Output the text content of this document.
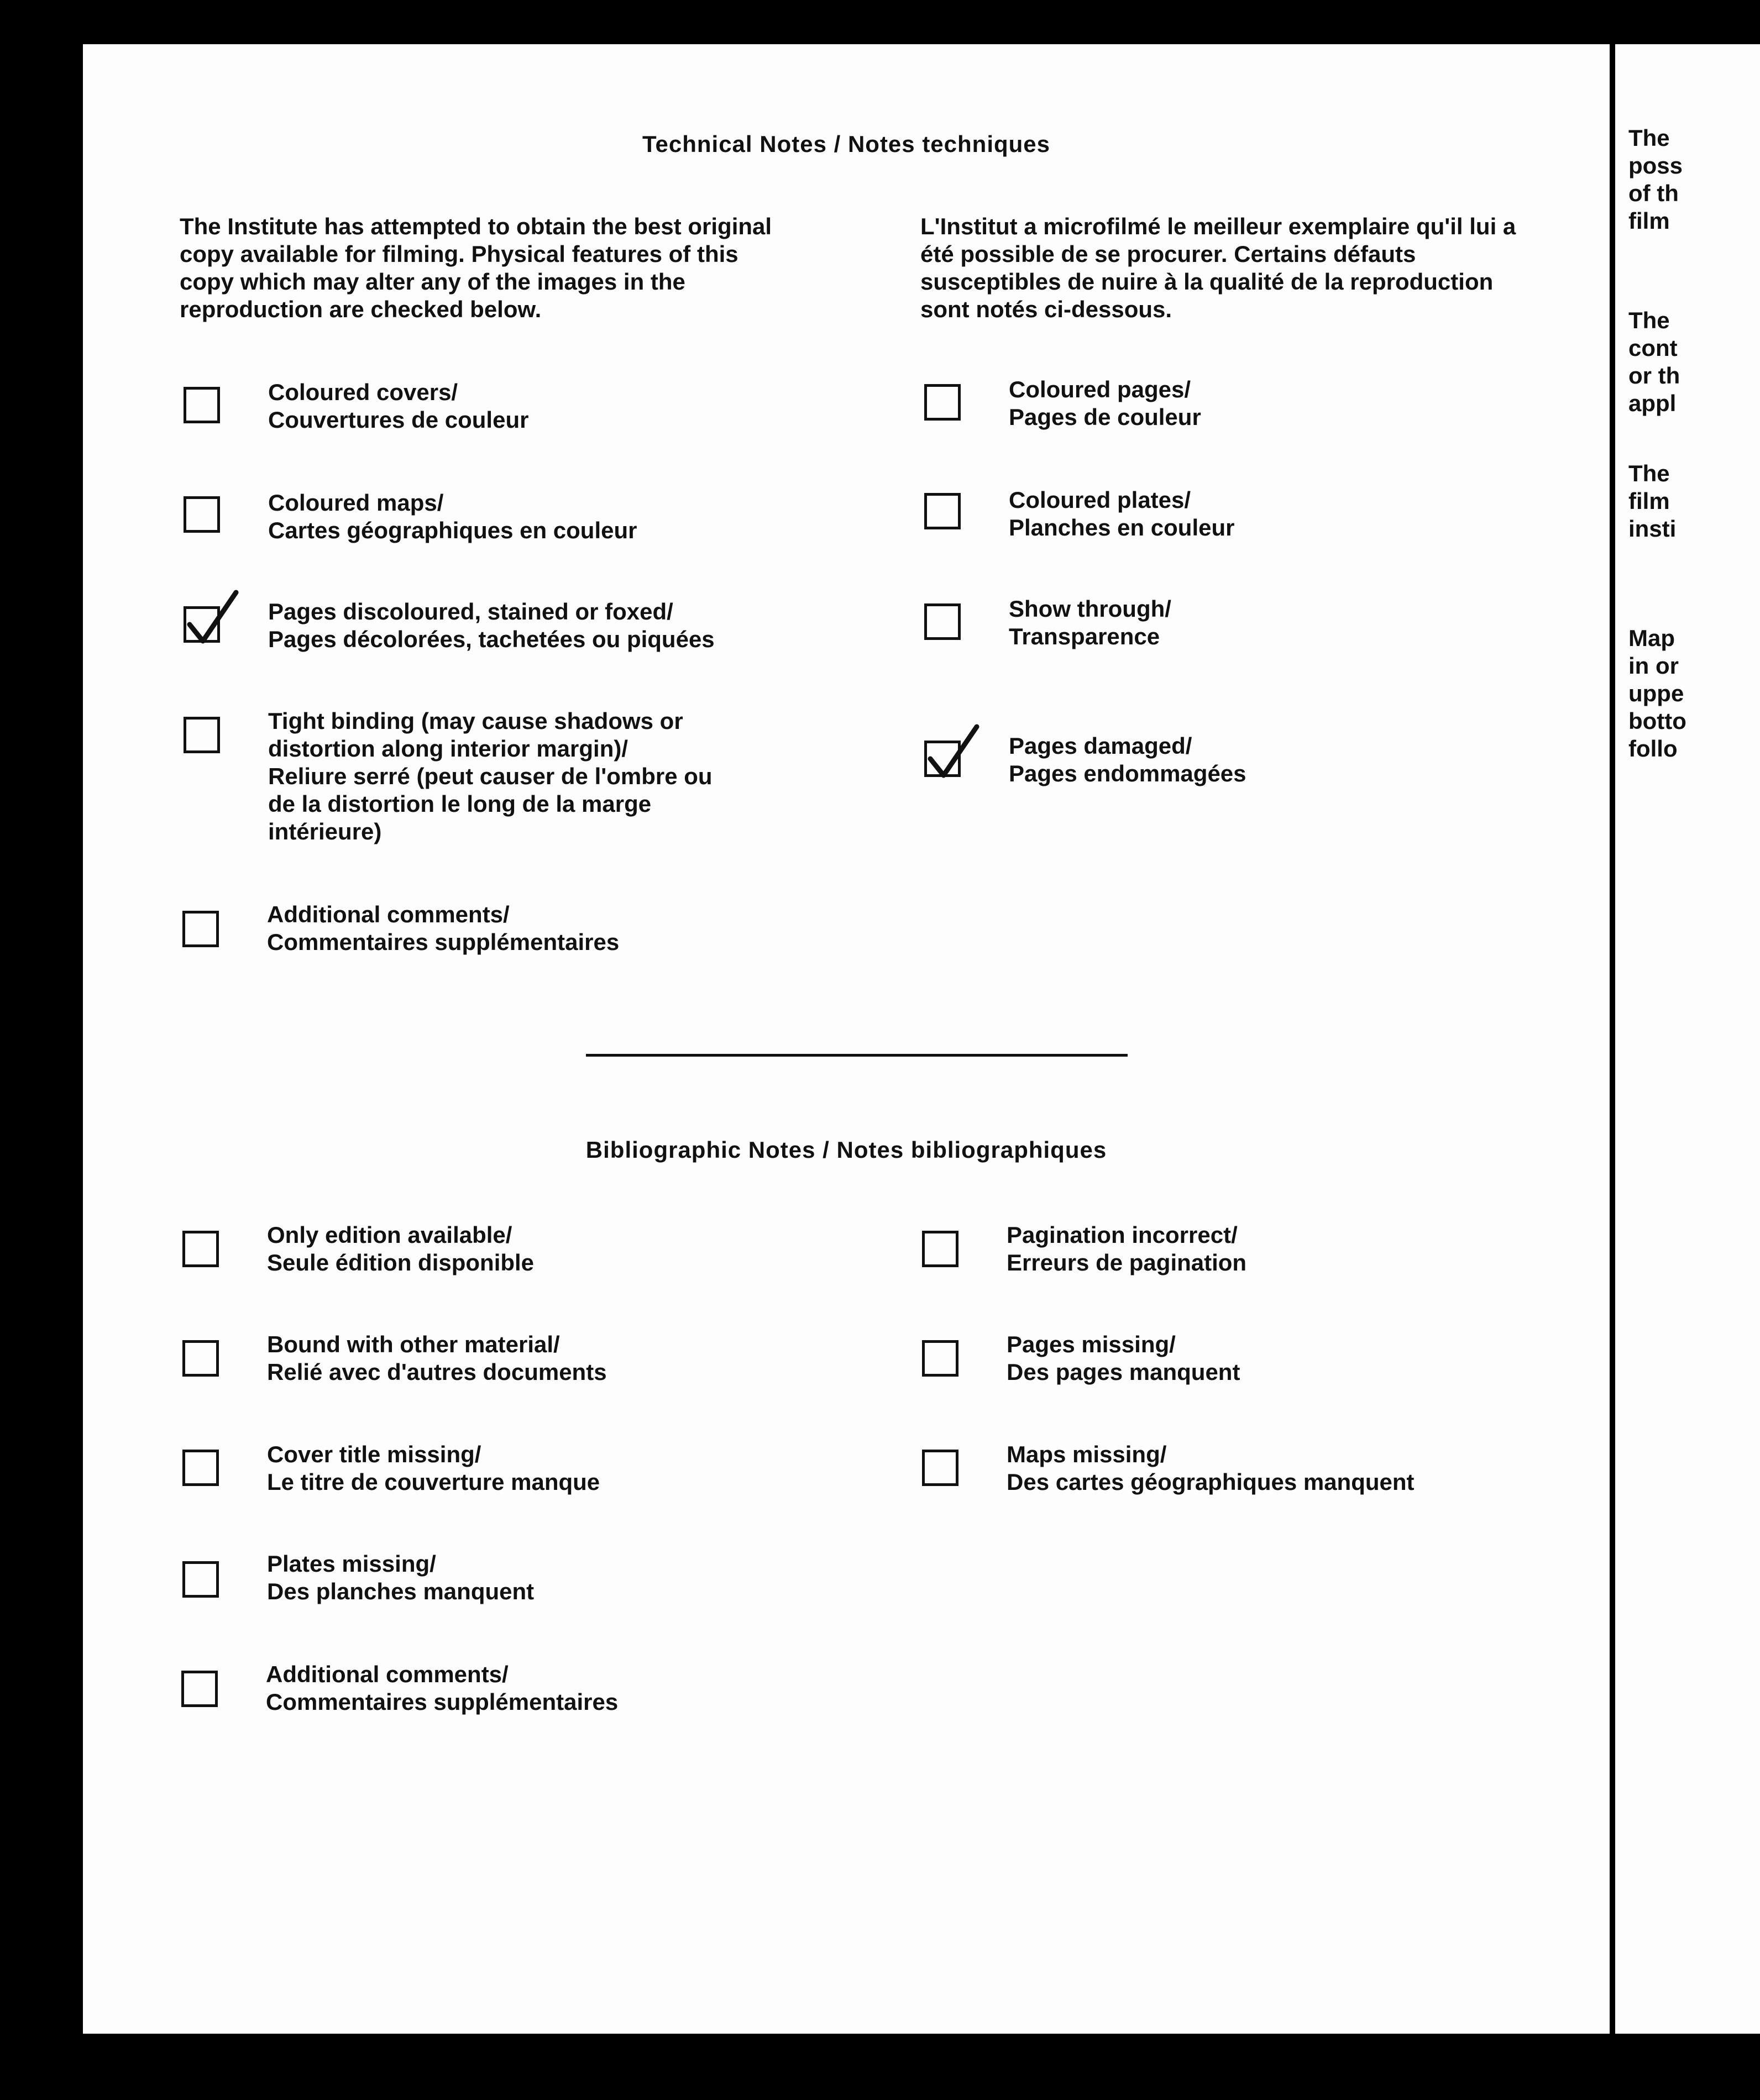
Technical Notes / Notes techniques
The Institute has attempted to obtain the best original copy available for filming. Physical features of this copy which may alter any of the images in the reproduction are checked below.
L'Institut a microfilmé le meilleur exemplaire qu'il lui a été possible de se procurer. Certains défauts susceptibles de nuire à la qualité de la reproduction sont notés ci-dessous.
Coloured covers/
Couvertures de couleur
Coloured maps/
Cartes géographiques en couleur
Pages discoloured, stained or foxed/
Pages décolorées, tachetées ou piquées
Tight binding (may cause shadows or
distortion along interior margin)/
Reliure serré (peut causer de l'ombre ou
de la distortion le long de la marge
intérieure)
Additional comments/
Commentaires supplémentaires
Coloured pages/
Pages de couleur
Coloured plates/
Planches en couleur
Show through/
Transparence
Pages damaged/
Pages endommagées
Bibliographic Notes / Notes bibliographiques
Only edition available/
Seule édition disponible
Bound with other material/
Relié avec d'autres documents
Cover title missing/
Le titre de couverture manque
Plates missing/
Des planches manquent
Additional comments/
Commentaires supplémentaires
Pagination incorrect/
Erreurs de pagination
Pages missing/
Des pages manquent
Maps missing/
Des cartes géographiques manquent
The
poss
of th
film
The
cont
or th
appl
The
film
insti
Map
in or
uppe
botto
follo
